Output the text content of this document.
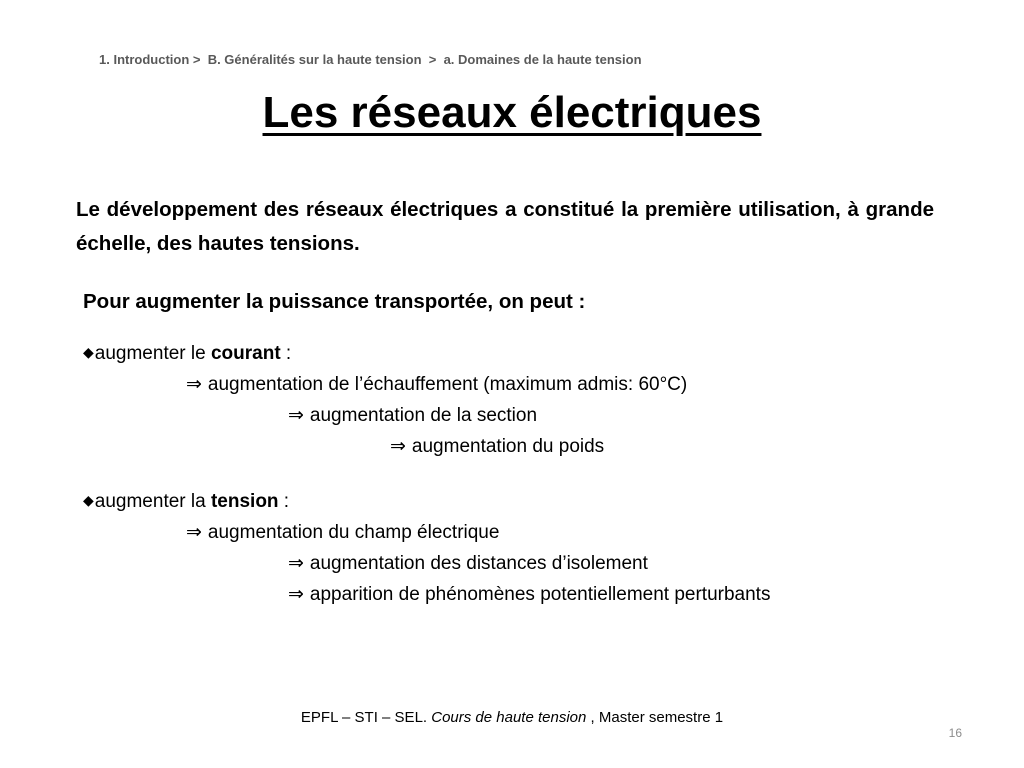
1. Introduction >  B. Généralités sur la haute tension  >  a. Domaines de la haute tension
Les réseaux électriques
Le développement des réseaux électriques a constitué la première utilisation, à grande échelle, des hautes tensions.
Pour augmenter la puissance transportée, on peut :
◆augmenter le courant :
⇒ augmentation de l’échauffement (maximum admis: 60°C)
⇒ augmentation de la section
⇒ augmentation du poids
◆augmenter la tension :
⇒ augmentation du champ électrique
⇒ augmentation des distances d’isolement
⇒ apparition de phénomènes potentiellement perturbants
EPFL – STI – SEL. Cours de haute tension , Master semestre 1
16
